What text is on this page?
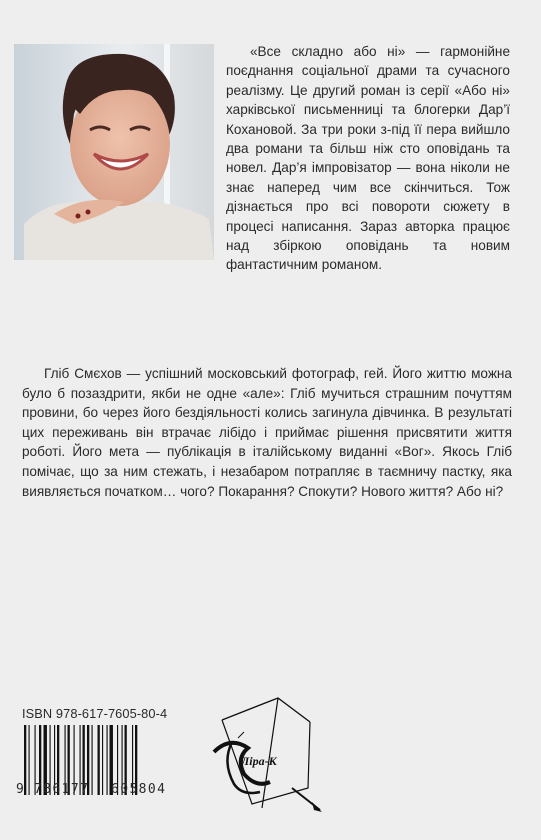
«Все складно або ні» — гармонійне поєднання соціальної драми та сучасного реалізму. Це другий роман із серії «Або ні» харківської письменниці та блогерки Дар’ї Кохановой. За три роки з-під її пера вийшло два романи та більш ніж сто оповідань та новел. Дар’я імпровізатор — вона ніколи не знає наперед чим все скінчиться. Тож дізнається про всі повороти сюжету в процесі написання. Зараз авторка працює над збіркою оповідань та новим фантастичним романом.

Гліб Смєхов — успішний московський фотограф, гей. Його життю можна було б позаздрити, якби не одне «але»: Гліб мучиться страшним почуттям провини, бо через його бездіяльності колись загинула дівчинка. В результаті цих переживань він втрачає лібідо і приймає рішення присвятити життя роботі. Його мета — публікація в італійському виданні «Вог». Якось Гліб помічає, що за ним стежать, і незабаром потрапляє в таємничу пастку, яка виявляється початком… чого? Покарання? Спокути? Нового життя? Або ні?

ISBN 978-617-7605-80-4

9 786177 605804
Ліра-К
